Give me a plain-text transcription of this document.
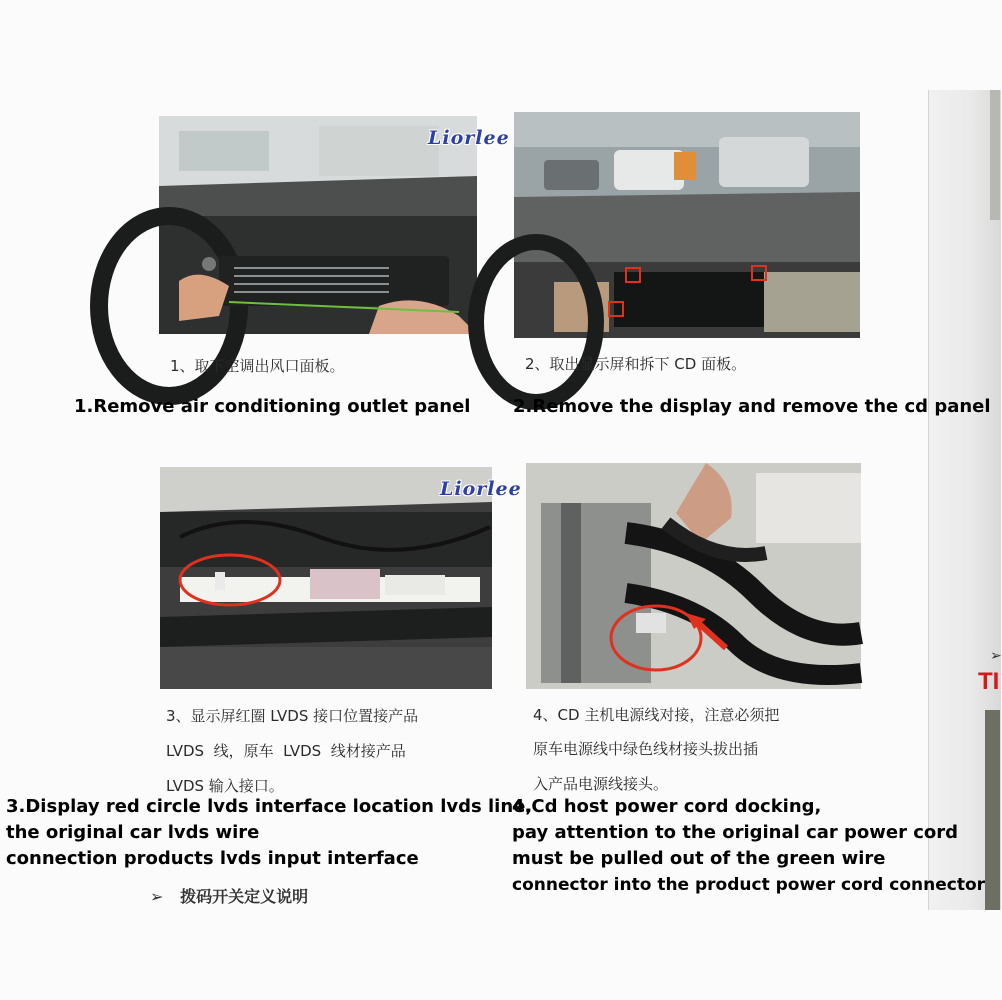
➢
TI
Liorlee
1、取下空调出风口面板。	2、取出显示屏和拆下 CD 面板。
1.Remove air conditioning outlet panel 2.Remove the display and remove the cd panel
Liorlee
3、显示屏红圈 LVDS 接口位置接产品
LVDS  线，原车  LVDS  线材接产品
LVDS 输入接口。
4、CD 主机电源线对接，注意必须把
原车电源线中绿色线材接头拔出插
入产品电源线接头。
3.Display red circle lvds interface location lvds line,
the original car lvds wire
connection products lvds input interface
4.Cd host power cord docking,
pay attention to the original car power cord
must be pulled out of the green wire
connector into the product power cord connector
➢   拨码开关定义说明
